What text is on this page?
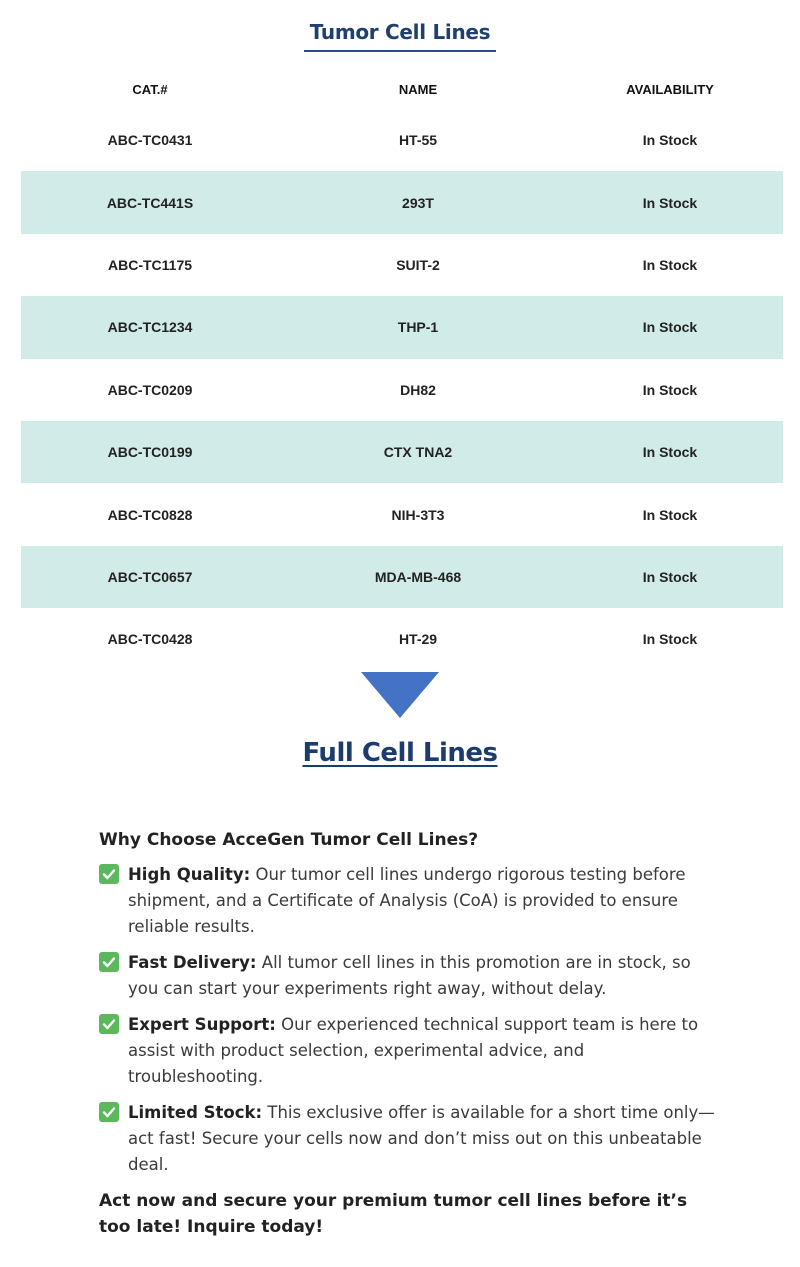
Tumor Cell Lines
CAT.#	NAME	AVAILABILITY
ABC-TC0431	HT-55	In Stock
ABC-TC441S	293T	In Stock
ABC-TC1175	SUIT-2	In Stock
ABC-TC1234	THP-1	In Stock
ABC-TC0209	DH82	In Stock
ABC-TC0199	CTX TNA2	In Stock
ABC-TC0828	NIH-3T3	In Stock
ABC-TC0657	MDA-MB-468	In Stock
ABC-TC0428	HT-29	In Stock
Full Cell Lines
Why Choose AcceGen Tumor Cell Lines?

High Quality: Our tumor cell lines undergo rigorous testing before shipment, and a Certificate of Analysis (CoA) is provided to ensure reliable results.

Fast Delivery: All tumor cell lines in this promotion are in stock, so you can start your experiments right away, without delay.

Expert Support: Our experienced technical support team is here to assist with product selection, experimental advice, and troubleshooting.

Limited Stock: This exclusive offer is available for a short time only—act fast! Secure your cells now and don’t miss out on this unbeatable deal.

Act now and secure your premium tumor cell lines before it’s too late! Inquire today!
